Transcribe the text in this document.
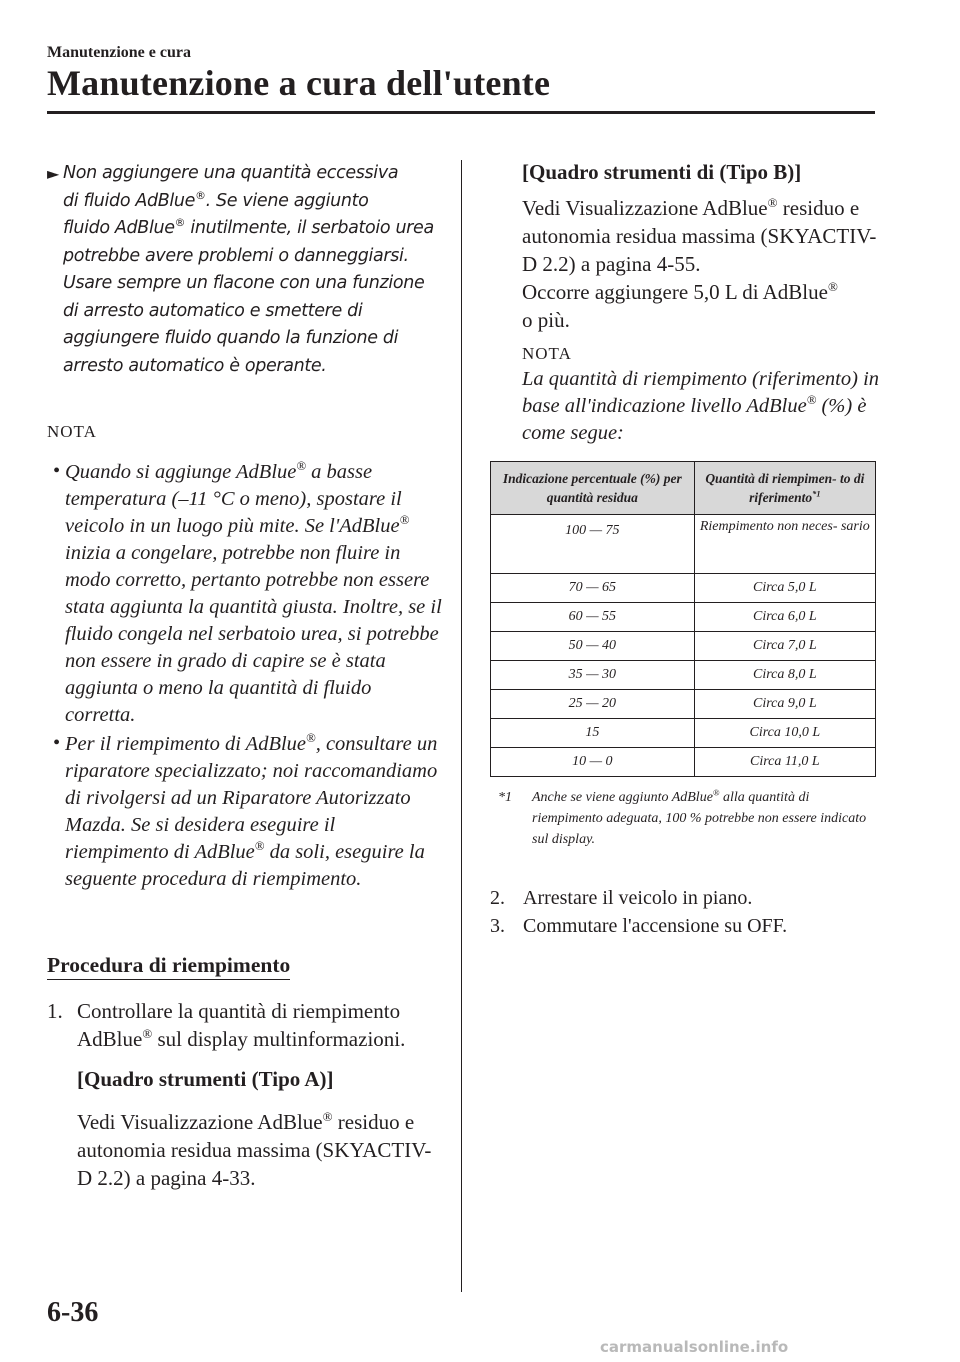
Manutenzione e cura
Manutenzione a cura dell'utente
► Non aggiungere una quantità eccessiva
di fluido AdBlue®. Se viene aggiunto
fluido AdBlue® inutilmente, il serbatoio urea potrebbe avere problemi o danneggiarsi. Usare sempre un flacone con una funzione di arresto automatico e smettere di aggiungere fluido quando la funzione di arresto automatico è operante.
NOTA
• Quando si aggiunge AdBlue® a basse temperatura (–11 °C o meno), spostare il veicolo in un luogo più mite. Se l'AdBlue® inizia a congelare, potrebbe non fluire in modo corretto, pertanto potrebbe non essere stata aggiunta la quantità giusta. Inoltre, se il fluido congela nel serbatoio urea, si potrebbe non essere in grado di capire se è stata aggiunta o meno la quantità di fluido corretta.
• Per il riempimento di AdBlue®, consultare un riparatore specializzato; noi raccomandiamo di rivolgersi ad un Riparatore Autorizzato Mazda. Se si desidera eseguire il riempimento di AdBlue® da soli, eseguire la seguente procedura di riempimento.
Procedura di riempimento
1. Controllare la quantità di riempimento
AdBlue® sul display multinformazioni.
[Quadro strumenti (Tipo A)]
Vedi Visualizzazione AdBlue® residuo e autonomia residua massima (SKYACTIV-D 2.2) a pagina 4-33.
[Quadro strumenti di (Tipo B)]
Vedi Visualizzazione AdBlue® residuo e autonomia residua massima (SKYACTIV-D 2.2) a pagina 4-55.
Occorre aggiungere 5,0 L di AdBlue®
o più.
NOTA
La quantità di riempimento (riferimento) in base all'indicazione livello AdBlue® (%) è come segue:
Indicazione percentuale (%) per quantità residua	Quantità di riempimen- to di riferimento$^{*1}$
100 — 75	Riempimento non neces- sario
70 — 65	Circa 5,0 L
60 — 55	Circa 6,0 L
50 — 40	Circa 7,0 L
35 — 30	Circa 8,0 L
25 — 20	Circa 9,0 L
15	Circa 10,0 L
10 — 0	Circa 11,0 L
*1 Anche se viene aggiunto AdBlue® alla quantità di riempimento adeguata, 100 % potrebbe non essere indicato sul display.
2. Arrestare il veicolo in piano.
3. Commutare l'accensione su OFF.
6-36
carmanualsonline.info
